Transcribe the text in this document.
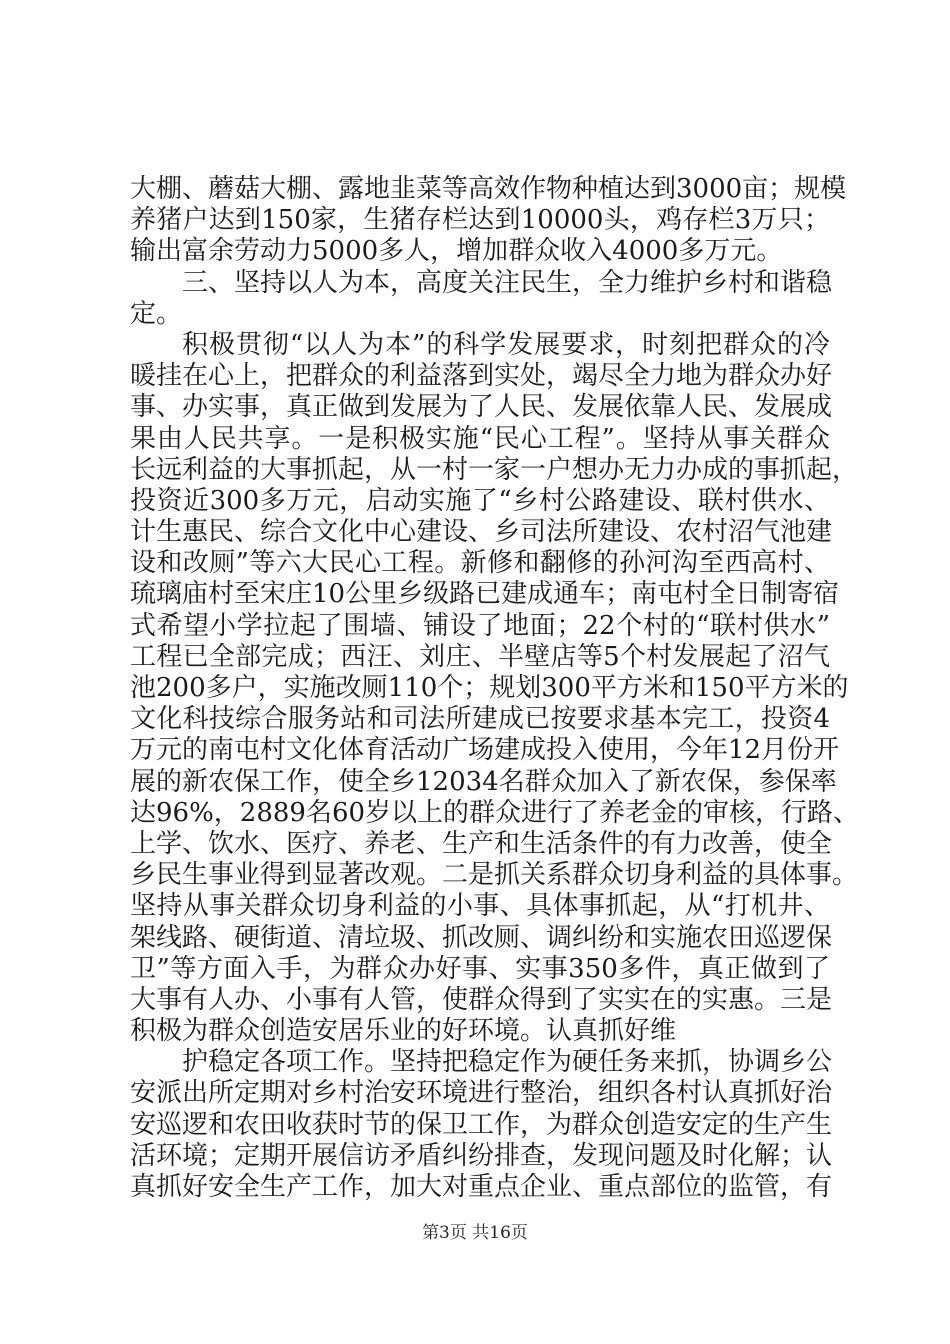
大棚、蘑菇大棚、露地韭菜等高效作物种植达到3000亩；规模
养猪户达到150家，生猪存栏达到10000头，鸡存栏3万只；
输出富余劳动力5000多人，增加群众收入4000多万元。
三、坚持以人为本，高度关注民生，全力维护乡村和谐稳
定。
积极贯彻“以人为本”的科学发展要求，时刻把群众的冷
暖挂在心上，把群众的利益落到实处，竭尽全力地为群众办好
事、办实事，真正做到发展为了人民、发展依靠人民、发展成
果由人民共享。一是积极实施“民心工程”。坚持从事关群众
长远利益的大事抓起，从一村一家一户想办无力办成的事抓起，
投资近300多万元，启动实施了“乡村公路建设、联村供水、
计生惠民、综合文化中心建设、乡司法所建设、农村沼气池建
设和改厕”等六大民心工程。新修和翻修的孙河沟至西高村、
琉璃庙村至宋庄10公里乡级路已建成通车；南屯村全日制寄宿
式希望小学拉起了围墙、铺设了地面；22个村的“联村供水”
工程已全部完成；西汪、刘庄、半壁店等5个村发展起了沼气
池200多户，实施改厕110个；规划300平方米和150平方米的
文化科技综合服务站和司法所建成已按要求基本完工，投资4
万元的南屯村文化体育活动广场建成投入使用，今年12月份开
展的新农保工作，使全乡12034名群众加入了新农保，参保率
达96%，2889名60岁以上的群众进行了养老金的审核，行路、
上学、饮水、医疗、养老、生产和生活条件的有力改善，使全
乡民生事业得到显著改观。二是抓关系群众切身利益的具体事。
坚持从事关群众切身利益的小事、具体事抓起，从“打机井、
架线路、硬街道、清垃圾、抓改厕、调纠纷和实施农田巡逻保
卫”等方面入手，为群众办好事、实事350多件，真正做到了
大事有人办、小事有人管，使群众得到了实实在的实惠。三是
积极为群众创造安居乐业的好环境。认真抓好维
护稳定各项工作。坚持把稳定作为硬任务来抓，协调乡公
安派出所定期对乡村治安环境进行整治，组织各村认真抓好治
安巡逻和农田收获时节的保卫工作，为群众创造安定的生产生
活环境；定期开展信访矛盾纠纷排查，发现问题及时化解；认
真抓好安全生产工作，加大对重点企业、重点部位的监管，有
第3页 共16页
